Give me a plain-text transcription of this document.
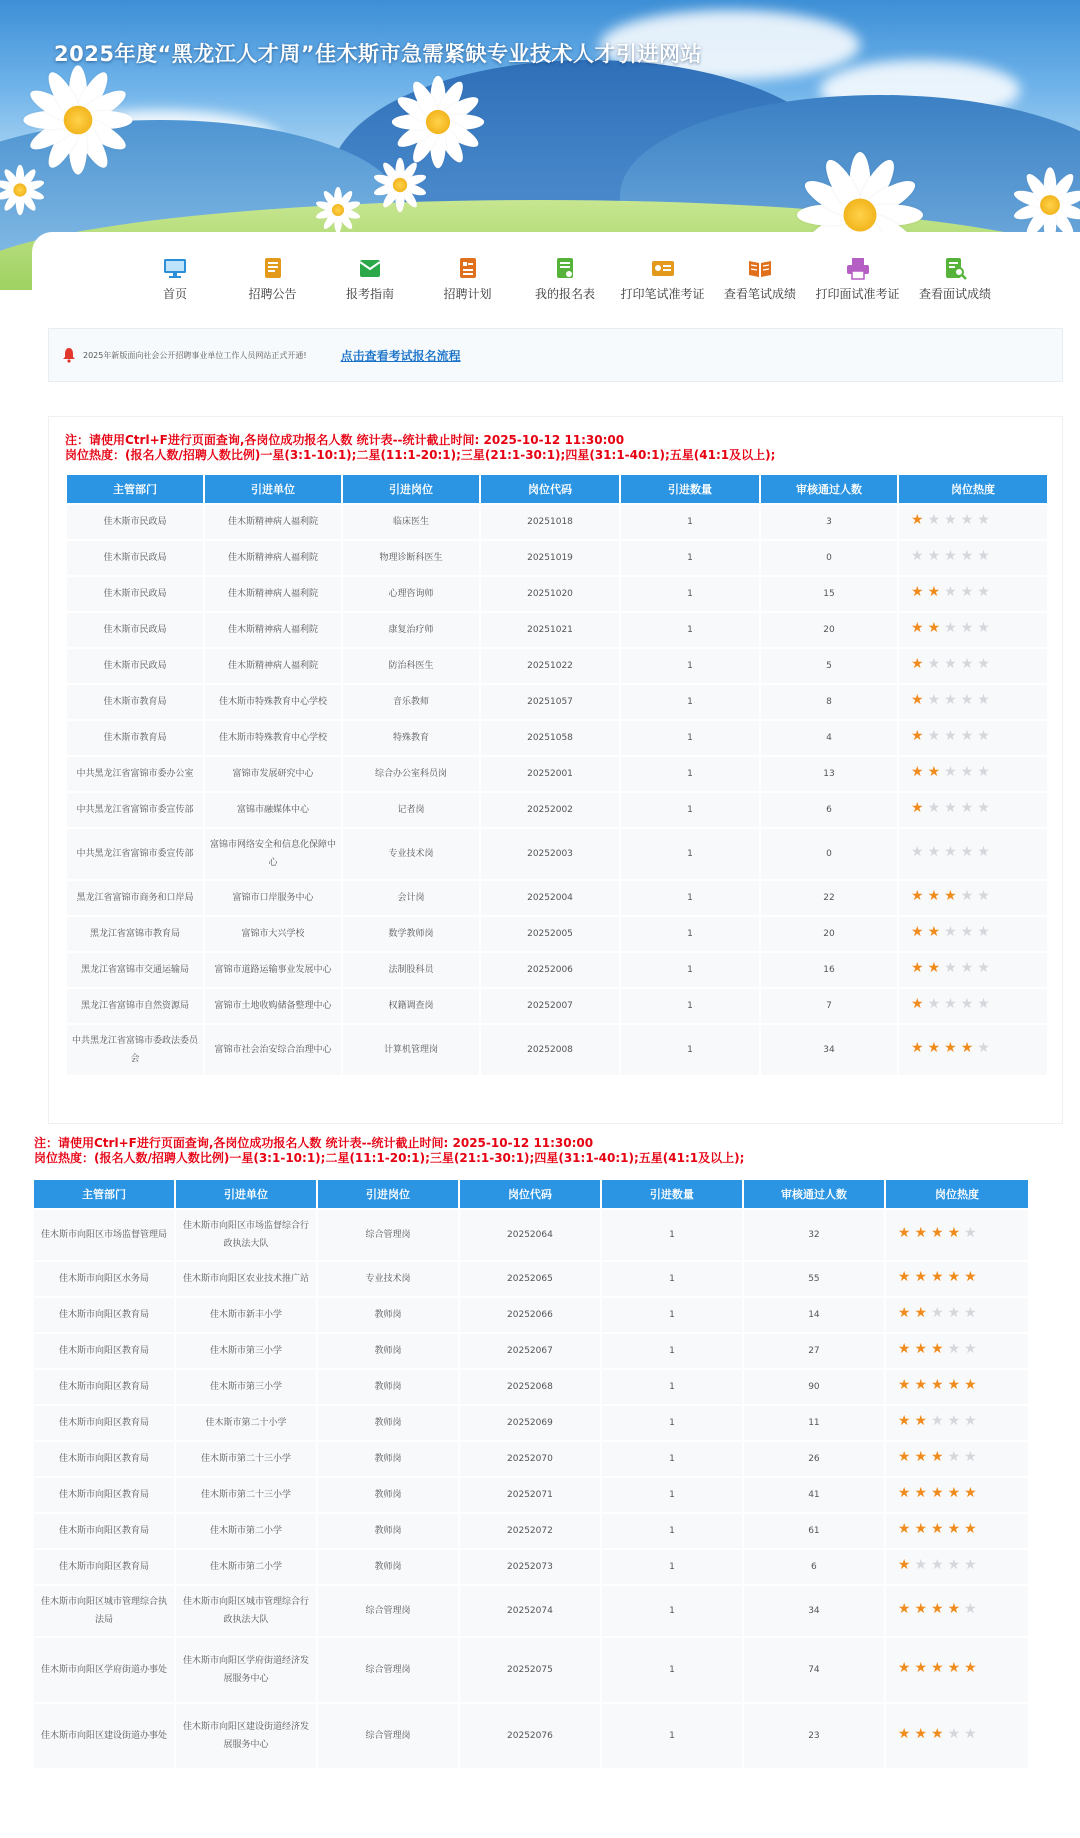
2025年度“黑龙江人才周”佳木斯市急需紧缺专业技术人才引进网站
首页	招聘公告	报考指南	招聘计划	我的报名表 打印笔试准考证 查看笔试成绩 打印面试准考证 查看面试成绩
2025年新版面向社会公开招聘事业单位工作人员网站正式开通!	点击查看考试报名流程
注：请使用Ctrl+F进行页面查询,各岗位成功报名人数 统计表--统计截止时间: 2025-10-12 11:30:00
岗位热度：(报名人数/招聘人数比例)一星(3:1-10:1);二星(11:1-20:1);三星(21:1-30:1);四星(31:1-40:1);五星(41:1及以上);
主管部门	引进单位	引进岗位	岗位代码	引进数量	审核通过人数	岗位热度
佳木斯市民政局	佳木斯精神病人福利院	临床医生	20251018	1	3	★ ★ ★ ★ ★
佳木斯市民政局	佳木斯精神病人福利院	物理诊断科医生	20251019	1	0	★ ★ ★ ★ ★
佳木斯市民政局	佳木斯精神病人福利院	心理咨询师	20251020	1	15	★ ★ ★ ★ ★
佳木斯市民政局	佳木斯精神病人福利院	康复治疗师	20251021	1	20	★ ★ ★ ★ ★
佳木斯市民政局	佳木斯精神病人福利院	防治科医生	20251022	1	5	★ ★ ★ ★ ★
佳木斯市教育局	佳木斯市特殊教育中心学校	音乐教师	20251057	1	8	★ ★ ★ ★ ★
佳木斯市教育局	佳木斯市特殊教育中心学校	特殊教育	20251058	1	4	★ ★ ★ ★ ★
中共黑龙江省富锦市委办公室	富锦市发展研究中心	综合办公室科员岗	20252001	1	13	★ ★ ★ ★ ★
中共黑龙江省富锦市委宣传部	富锦市融媒体中心	记者岗	20252002	1	6	★ ★ ★ ★ ★
中共黑龙江省富锦市委宣传部	富锦市网络安全和信息化保障中心	专业技术岗	20252003	1	0	★ ★ ★ ★ ★
黑龙江省富锦市商务和口岸局	富锦市口岸服务中心	会计岗	20252004	1	22	★ ★ ★ ★ ★
黑龙江省富锦市教育局	富锦市大兴学校	数学教师岗	20252005	1	20	★ ★ ★ ★ ★
黑龙江省富锦市交通运输局	富锦市道路运输事业发展中心	法制股科员	20252006	1	16	★ ★ ★ ★ ★
黑龙江省富锦市自然资源局	富锦市土地收购储备整理中心	权籍调查岗	20252007	1	7	★ ★ ★ ★ ★
中共黑龙江省富锦市委政法委员会	富锦市社会治安综合治理中心	计算机管理岗	20252008	1	34	★ ★ ★ ★ ★
注：请使用Ctrl+F进行页面查询,各岗位成功报名人数 统计表--统计截止时间: 2025-10-12 11:30:00
岗位热度：(报名人数/招聘人数比例)一星(3:1-10:1);二星(11:1-20:1);三星(21:1-30:1);四星(31:1-40:1);五星(41:1及以上);
主管部门	引进单位	引进岗位	岗位代码	引进数量	审核通过人数	岗位热度
佳木斯市向阳区市场监督管理局	佳木斯市向阳区市场监督综合行政执法大队	综合管理岗	20252064	1	32	★ ★ ★ ★ ★
佳木斯市向阳区水务局	佳木斯市向阳区农业技术推广站	专业技术岗	20252065	1	55	★ ★ ★ ★ ★
佳木斯市向阳区教育局	佳木斯市新丰小学	教师岗	20252066	1	14	★ ★ ★ ★ ★
佳木斯市向阳区教育局	佳木斯市第三小学	教师岗	20252067	1	27	★ ★ ★ ★ ★
佳木斯市向阳区教育局	佳木斯市第三小学	教师岗	20252068	1	90	★ ★ ★ ★ ★
佳木斯市向阳区教育局	佳木斯市第二十小学	教师岗	20252069	1	11	★ ★ ★ ★ ★
佳木斯市向阳区教育局	佳木斯市第二十三小学	教师岗	20252070	1	26	★ ★ ★ ★ ★
佳木斯市向阳区教育局	佳木斯市第二十三小学	教师岗	20252071	1	41	★ ★ ★ ★ ★
佳木斯市向阳区教育局	佳木斯市第二小学	教师岗	20252072	1	61	★ ★ ★ ★ ★
佳木斯市向阳区教育局	佳木斯市第二小学	教师岗	20252073	1	6	★ ★ ★ ★ ★
佳木斯市向阳区城市管理综合执法局	佳木斯市向阳区城市管理综合行政执法大队	综合管理岗	20252074	1	34	★ ★ ★ ★ ★
佳木斯市向阳区学府街道办事处	佳木斯市向阳区学府街道经济发展服务中心	综合管理岗	20252075	1	74	★ ★ ★ ★ ★
佳木斯市向阳区建设街道办事处	佳木斯市向阳区建设街道经济发展服务中心	综合管理岗	20252076	1	23	★ ★ ★ ★ ★
